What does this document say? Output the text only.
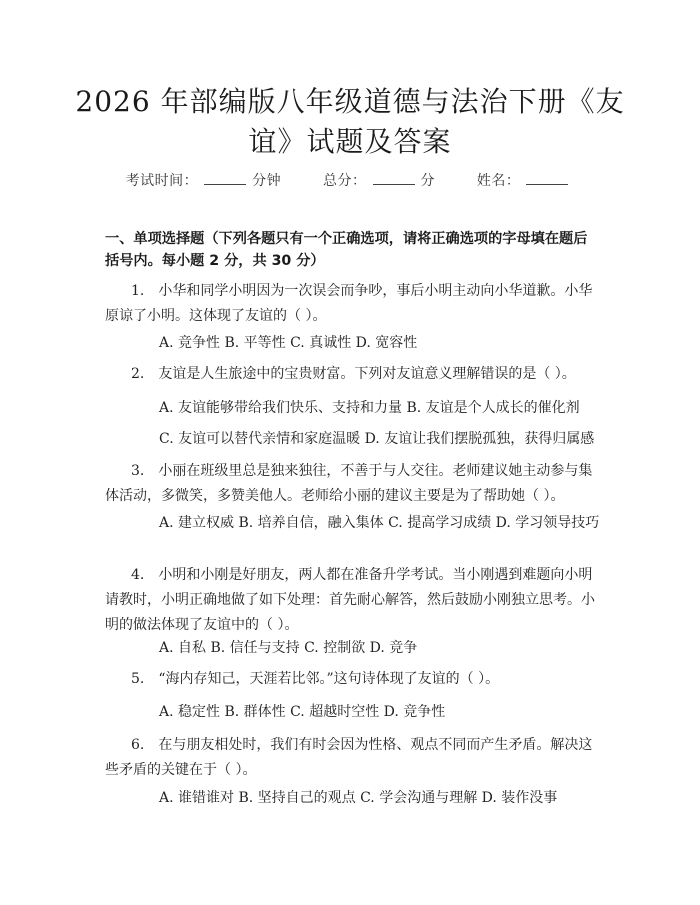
2026 年部编版八年级道德与法治下册《友谊》试题及答案
考试时间：	分钟	总分：	分	姓名：
一、单项选择题（下列各题只有一个正确选项，请将正确选项的字母填在题后括号内。每小题 2 分，共 30 分）
1.　小华和同学小明因为一次误会而争吵，事后小明主动向小华道歉。小华原谅了小明。这体现了友谊的（ ）。
A. 竞争性 B. 平等性 C. 真诚性 D. 宽容性
2.　友谊是人生旅途中的宝贵财富。下列对友谊意义理解错误的是（ ）。
A. 友谊能够带给我们快乐、支持和力量 B. 友谊是个人成长的催化剂
C. 友谊可以替代亲情和家庭温暖 D. 友谊让我们摆脱孤独，获得归属感
3.　小丽在班级里总是独来独往，不善于与人交往。老师建议她主动参与集体活动，多微笑，多赞美他人。老师给小丽的建议主要是为了帮助她（ ）。
A. 建立权威 B. 培养自信，融入集体 C. 提高学习成绩 D. 学习领导技巧
4.　小明和小刚是好朋友，两人都在准备升学考试。当小刚遇到难题向小明请教时，小明正确地做了如下处理：首先耐心解答，然后鼓励小刚独立思考。小明的做法体现了友谊中的（ ）。
A. 自私 B. 信任与支持 C. 控制欲 D. 竞争
5.　“海内存知己，天涯若比邻。”这句诗体现了友谊的（ ）。
A. 稳定性 B. 群体性 C. 超越时空性 D. 竞争性
6.　在与朋友相处时，我们有时会因为性格、观点不同而产生矛盾。解决这些矛盾的关键在于（ ）。
A. 谁错谁对 B. 坚持自己的观点 C. 学会沟通与理解 D. 装作没事
